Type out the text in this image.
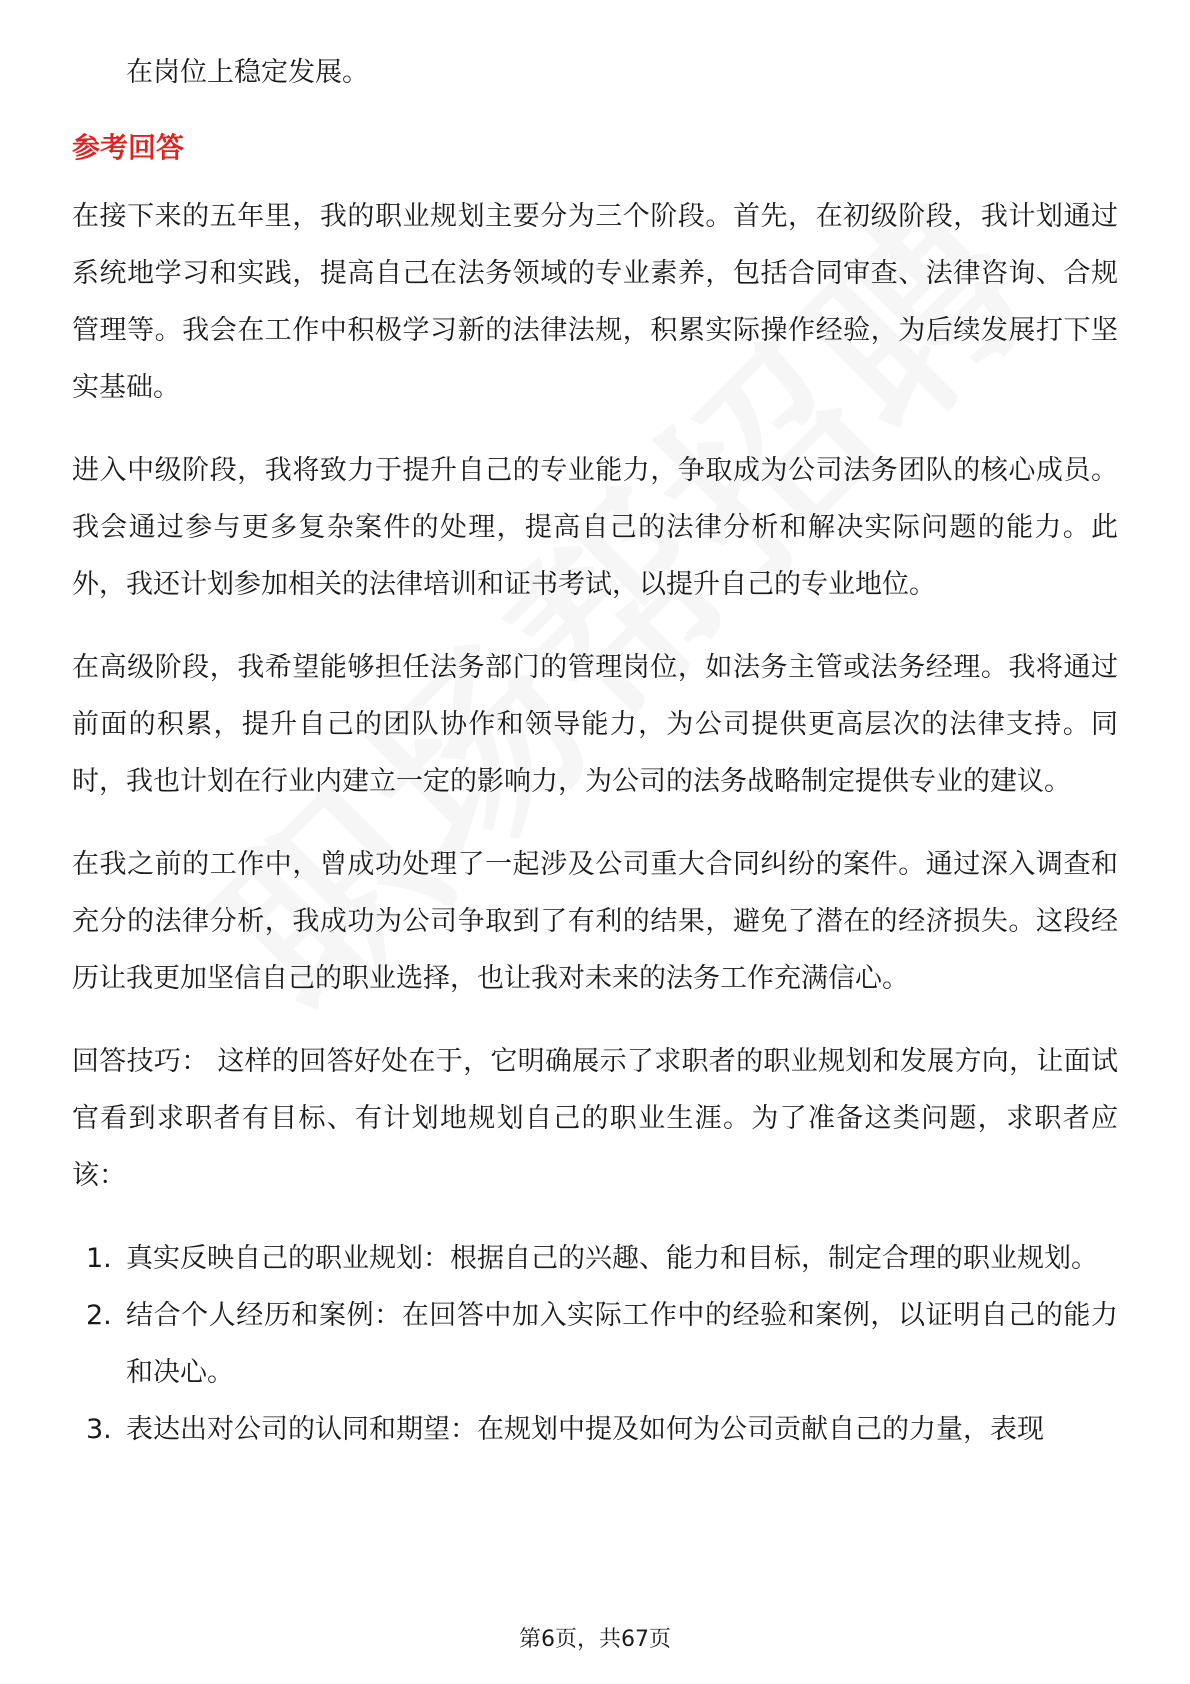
在岗位上稳定发展。

参考回答

在接下来的五年里，我的职业规划主要分为三个阶段。首先，在初级阶段，我计划通过系统地学习和实践，提高自己在法务领域的专业素养，包括合同审查、法律咨询、合规管理等。我会在工作中积极学习新的法律法规，积累实际操作经验，为后续发展打下坚实基础。

进入中级阶段，我将致力于提升自己的专业能力，争取成为公司法务团队的核心成员。我会通过参与更多复杂案件的处理，提高自己的法律分析和解决实际问题的能力。此外，我还计划参加相关的法律培训和证书考试，以提升自己的专业地位。

在高级阶段，我希望能够担任法务部门的管理岗位，如法务主管或法务经理。我将通过前面的积累，提升自己的团队协作和领导能力，为公司提供更高层次的法律支持。同时，我也计划在行业内建立一定的影响力，为公司的法务战略制定提供专业的建议。

在我之前的工作中，曾成功处理了一起涉及公司重大合同纠纷的案件。通过深入调查和充分的法律分析，我成功为公司争取到了有利的结果，避免了潜在的经济损失。这段经历让我更加坚信自己的职业选择，也让我对未来的法务工作充满信心。

回答技巧： 这样的回答好处在于，它明确展示了求职者的职业规划和发展方向，让面试官看到求职者有目标、有计划地规划自己的职业生涯。为了准备这类问题，求职者应该：

1. 真实反映自己的职业规划：根据自己的兴趣、能力和目标，制定合理的职业规划。
2. 结合个人经历和案例：在回答中加入实际工作中的经验和案例，以证明自己的能力和决心。
3. 表达出对公司的认同和期望：在规划中提及如何为公司贡献自己的力量，表现
第6页，共67页
